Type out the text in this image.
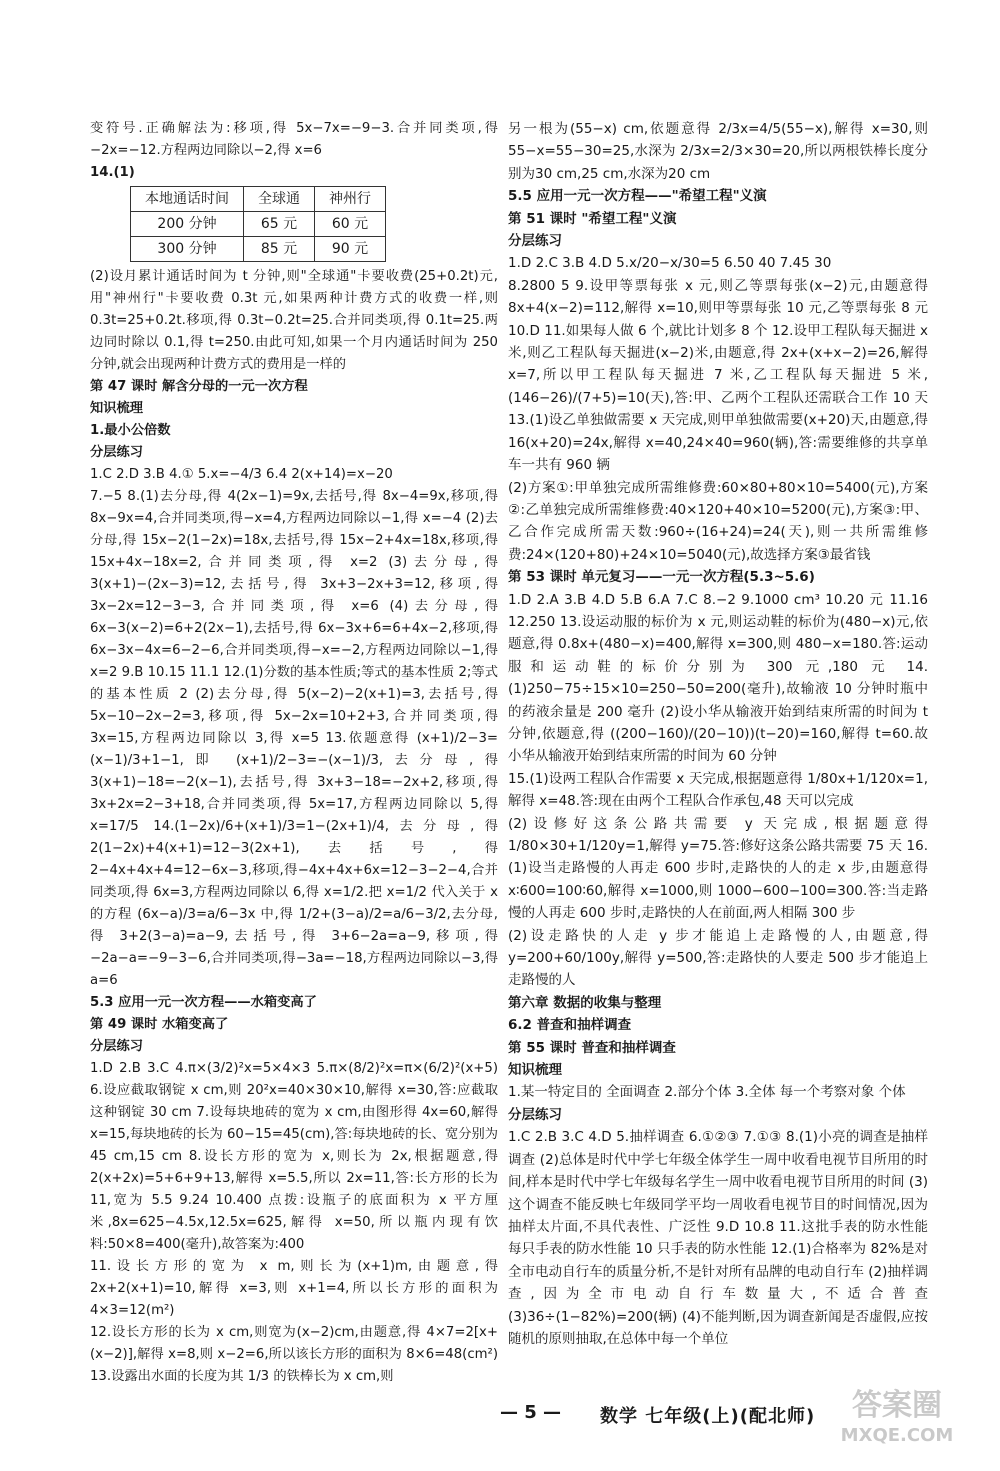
变符号.正确解法为:移项,得 5x−7x=−9−3.合并同类项,得−2x=−12.方程两边同除以−2,得 x=6

14.(1)

本地通话时间	全球通	神州行
200 分钟	65 元	60 元
300 分钟	85 元	90 元

(2)设月累计通话时间为 t 分钟,则"全球通"卡要收费(25+0.2t)元,用"神州行"卡要收费 0.3t 元,如果两种计费方式的收费一样,则 0.3t=25+0.2t.移项,得 0.3t−0.2t=25.合并同类项,得 0.1t=25.两边同时除以 0.1,得 t=250.由此可知,如果一个月内通话时间为 250 分钟,就会出现两种计费方式的费用是一样的

第 47 课时 解含分母的一元一次方程

知识梳理

1.最小公倍数

分层练习

1.C 2.D 3.B 4.① 5.x=−4/3 6.4 2(x+14)=x−20

7.−5 8.(1)去分母,得 4(2x−1)=9x,去括号,得 8x−4=9x,移项,得 8x−9x=4,合并同类项,得−x=4,方程两边同除以−1,得 x=−4 (2)去分母,得 15x−2(1−2x)=18x,去括号,得 15x−2+4x=18x,移项,得 15x+4x−18x=2,合并同类项,得 x=2 (3)去分母,得 3(x+1)−(2x−3)=12,去括号,得 3x+3−2x+3=12,移项,得 3x−2x=12−3−3,合并同类项,得 x=6 (4)去分母,得 6x−3(x−2)=6+2(2x−1),去括号,得 6x−3x+6=6+4x−2,移项,得 6x−3x−4x=6−2−6,合并同类项,得−x=−2,方程两边同除以−1,得 x=2 9.B 10.15 11.1 12.(1)分数的基本性质;等式的基本性质 2;等式的基本性质 2 (2)去分母,得 5(x−2)−2(x+1)=3,去括号,得 5x−10−2x−2=3,移项,得 5x−2x=10+2+3,合并同类项,得 3x=15,方程两边同除以 3,得 x=5 13.依题意得 (x+1)/2−3=(x−1)/3+1−1,即 (x+1)/2−3=−(x−1)/3,去分母,得 3(x+1)−18=−2(x−1),去括号,得 3x+3−18=−2x+2,移项,得 3x+2x=2−3+18,合并同类项,得 5x=17,方程两边同除以 5,得 x=17/5 14.(1−2x)/6+(x+1)/3=1−(2x+1)/4,去分母,得 2(1−2x)+4(x+1)=12−3(2x+1),去括号,得 2−4x+4x+4=12−6x−3,移项,得−4x+4x+6x=12−3−2−4,合并同类项,得 6x=3,方程两边同除以 6,得 x=1/2.把 x=1/2 代入关于 x 的方程 (6x−a)/3=a/6−3x 中,得 1/2+(3−a)/2=a/6−3/2,去分母,得 3+2(3−a)=a−9,去括号,得 3+6−2a=a−9,移项,得−2a−a=−9−3−6,合并同类项,得−3a=−18,方程两边同除以−3,得 a=6

5.3 应用一元一次方程——水箱变高了

第 49 课时 水箱变高了

分层练习

1.D 2.B 3.C 4.π×(3/2)²x=5×4×3 5.π×(8/2)²x=π×(6/2)²(x+5) 6.设应截取钢锭 x cm,则 20²x=40×30×10,解得 x=30,答:应截取这种钢锭 30 cm 7.设每块地砖的宽为 x cm,由图形得 4x=60,解得 x=15,每块地砖的长为 60−15=45(cm),答:每块地砖的长、宽分别为45 cm,15 cm 8.设长方形的宽为 x,则长为 2x,根据题意,得 2(x+2x)=5+6+9+13,解得 x=5.5,所以 2x=11,答:长方形的长为 11,宽为 5.5 9.24 10.400 点拨:设瓶子的底面积为 x 平方厘米,8x=625−4.5x,12.5x=625,解得 x=50,所以瓶内现有饮料:50×8=400(毫升),故答案为:400

11.设长方形的宽为 x m,则长为(x+1)m,由题意,得 2x+2(x+1)=10,解得 x=3,则 x+1=4,所以长方形的面积为 4×3=12(m²)

12.设长方形的长为 x cm,则宽为(x−2)cm,由题意,得 4×7=2[x+(x−2)],解得 x=8,则 x−2=6,所以该长方形的面积为 8×6=48(cm²) 13.设露出水面的长度为其 1/3 的铁棒长为 x cm,则

另一根为(55−x) cm,依题意得 2/3x=4/5(55−x),解得 x=30,则 55−x=55−30=25,水深为 2/3x=2/3×30=20,所以两根铁棒长度分别为30 cm,25 cm,水深为20 cm

5.5 应用一元一次方程——"希望工程"义演

第 51 课时 "希望工程"义演

分层练习

1.D 2.C 3.B 4.D 5.x/20−x/30=5 6.50 40 7.45 30

8.2800 5 9.设甲等票每张 x 元,则乙等票每张(x−2)元,由题意得 8x+4(x−2)=112,解得 x=10,则甲等票每张 10 元,乙等票每张 8 元 10.D 11.如果每人做 6 个,就比计划多 8 个 12.设甲工程队每天掘进 x 米,则乙工程队每天掘进(x−2)米,由题意,得 2x+(x+x−2)=26,解得 x=7,所以甲工程队每天掘进 7 米,乙工程队每天掘进 5 米,(146−26)/(7+5)=10(天),答:甲、乙两个工程队还需联合工作 10 天 13.(1)设乙单独做需要 x 天完成,则甲单独做需要(x+20)天,由题意,得 16(x+20)=24x,解得 x=40,24×40=960(辆),答:需要维修的共享单车一共有 960 辆

(2)方案①:甲单独完成所需维修费:60×80+80×10=5400(元),方案②:乙单独完成所需维修费:40×120+40×10=5200(元),方案③:甲、乙合作完成所需天数:960÷(16+24)=24(天),则一共所需维修费:24×(120+80)+24×10=5040(元),故选择方案③最省钱

第 53 课时 单元复习——一元一次方程(5.3~5.6)

1.D 2.A 3.B 4.D 5.B 6.A 7.C 8.−2 9.1000 cm³ 10.20 元 11.16 12.250 13.设运动服的标价为 x 元,则运动鞋的标价为(480−x)元,依题意,得 0.8x+(480−x)=400,解得 x=300,则 480−x=180.答:运动服和运动鞋的标价分别为 300 元,180 元 14.(1)250−75÷15×10=250−50=200(毫升),故输液 10 分钟时瓶中的药液余量是 200 毫升 (2)设小华从输液开始到结束所需的时间为 t 分钟,依题意,得 ((200−160)/(20−10))(t−20)=160,解得 t=60.故小华从输液开始到结束所需的时间为 60 分钟

15.(1)设两工程队合作需要 x 天完成,根据题意得 1/80x+1/120x=1,解得 x=48.答:现在由两个工程队合作承包,48 天可以完成

(2)设修好这条公路共需要 y 天完成,根据题意得 1/80×30+1/120y=1,解得 y=75.答:修好这条公路共需要 75 天 16.(1)设当走路慢的人再走 600 步时,走路快的人的走 x 步,由题意得 x∶600=100∶60,解得 x=1000,则 1000−600−100=300.答:当走路慢的人再走 600 步时,走路快的人在前面,两人相隔 300 步

(2)设走路快的人走 y 步才能追上走路慢的人,由题意,得 y=200+60/100y,解得 y=500,答:走路快的人要走 500 步才能追上走路慢的人

第六章 数据的收集与整理

6.2 普查和抽样调查

第 55 课时 普查和抽样调查

知识梳理

1.某一特定目的 全面调查 2.部分个体 3.全体 每一个考察对象 个体

分层练习

1.C 2.B 3.C 4.D 5.抽样调查 6.①②③ 7.①③ 8.(1)小亮的调查是抽样调查 (2)总体是时代中学七年级全体学生一周中收看电视节目所用的时间,样本是时代中学七年级每名学生一周中收看电视节目所用的时间 (3)这个调查不能反映七年级同学平均一周收看电视节目的时间情况,因为抽样太片面,不具代表性、广泛性 9.D 10.8 11.这批手表的防水性能 每只手表的防水性能 10 只手表的防水性能 12.(1)合格率为 82%是对全市电动自行车的质量分析,不是针对所有品牌的电动自行车 (2)抽样调查,因为全市电动自行车数量大,不适合普查 (3)36÷(1−82%)=200(辆) (4)不能判断,因为调查新闻是否虚假,应按随机的原则抽取,在总体中每一个单位

— 5 — 数学 七年级(上)(配北师) 答案圈
MXQE.COM
